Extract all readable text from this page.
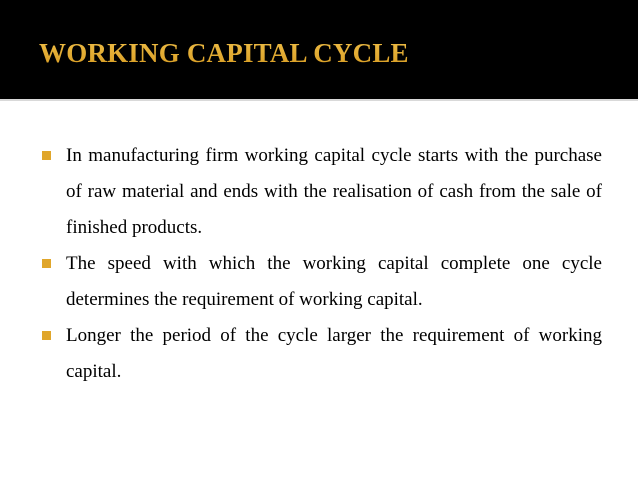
WORKING CAPITAL CYCLE
In manufacturing firm working capital cycle starts with the purchase of raw material and ends with the realisation of cash from the sale of finished products.
The speed with which the working capital complete one cycle determines the requirement of working capital.
Longer the period of the cycle larger the requirement of working capital.
